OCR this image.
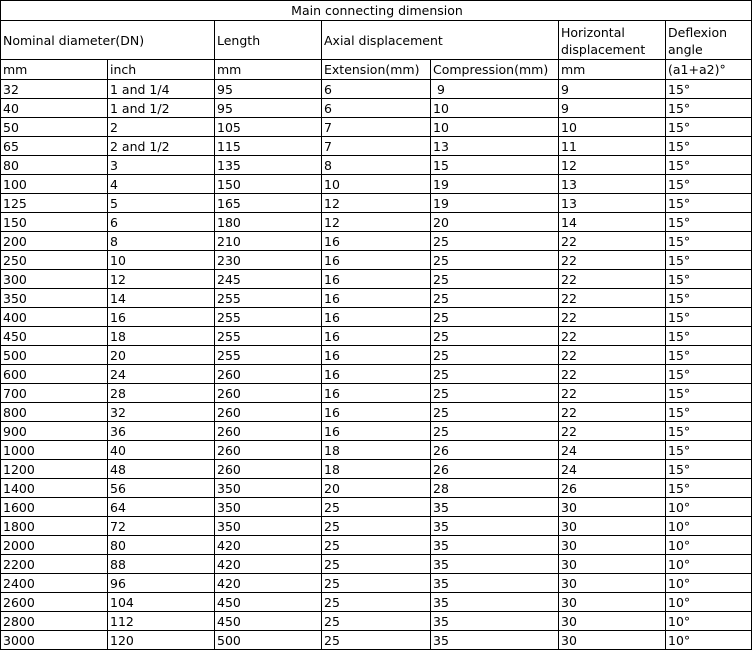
Main connecting dimension						
Nominal diameter(DN)		Length	Axial displacement		Horizontal displacement	Deflexion angle
mm	inch	mm	Extension(mm)	Compression(mm)	mm	(a1+a2)°
32	1 and 1/4	95	6	9	9	15°
40	1 and 1/2	95	6	10	9	15°
50	2	105	7	10	10	15°
65	2 and 1/2	115	7	13	11	15°
80	3	135	8	15	12	15°
100	4	150	10	19	13	15°
125	5	165	12	19	13	15°
150	6	180	12	20	14	15°
200	8	210	16	25	22	15°
250	10	230	16	25	22	15°
300	12	245	16	25	22	15°
350	14	255	16	25	22	15°
400	16	255	16	25	22	15°
450	18	255	16	25	22	15°
500	20	255	16	25	22	15°
600	24	260	16	25	22	15°
700	28	260	16	25	22	15°
800	32	260	16	25	22	15°
900	36	260	16	25	22	15°
1000	40	260	18	26	24	15°
1200	48	260	18	26	24	15°
1400	56	350	20	28	26	15°
1600	64	350	25	35	30	10°
1800	72	350	25	35	30	10°
2000	80	420	25	35	30	10°
2200	88	420	25	35	30	10°
2400	96	420	25	35	30	10°
2600	104	450	25	35	30	10°
2800	112	450	25	35	30	10°
3000	120	500	25	35	30	10°
